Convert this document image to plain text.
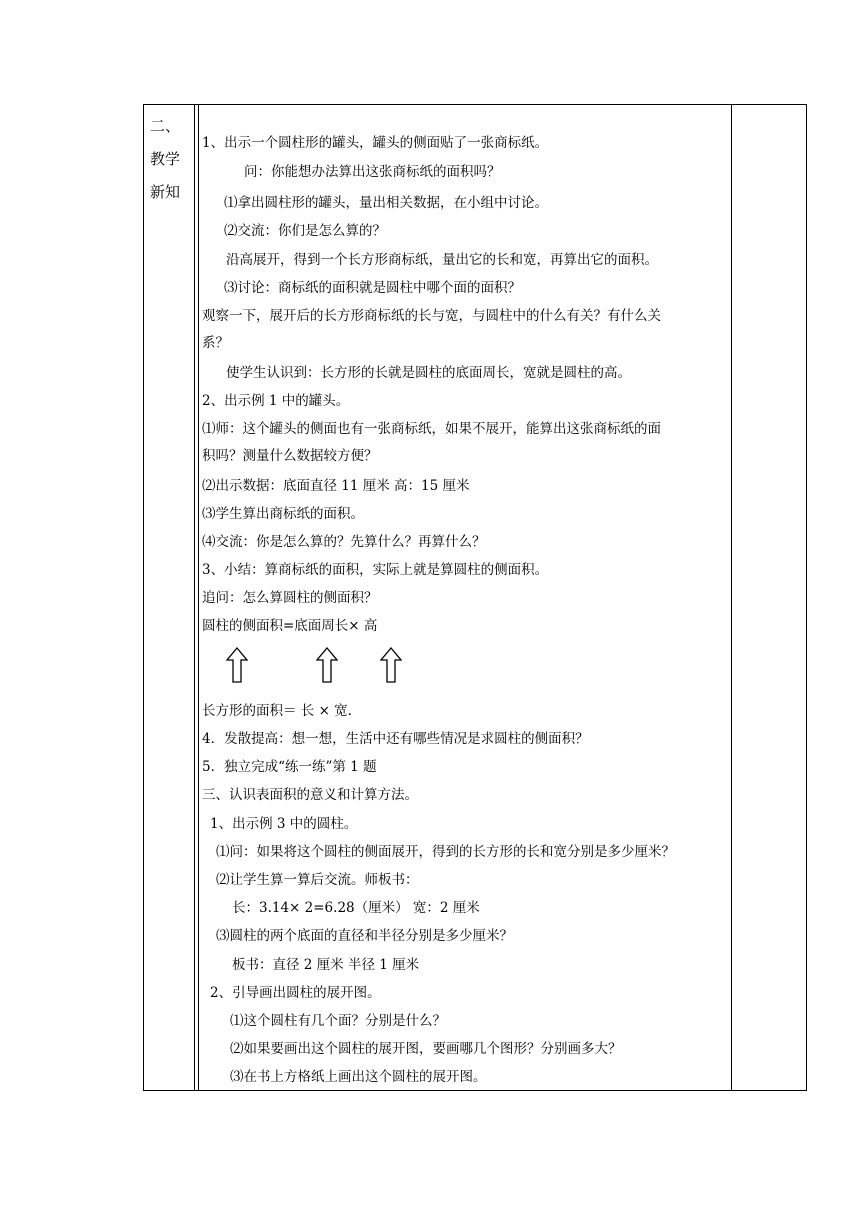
二、
教学
新知
1、出示一个圆柱形的罐头，罐头的侧面贴了一张商标纸。
问：你能想办法算出这张商标纸的面积吗？
⑴拿出圆柱形的罐头，量出相关数据，在小组中讨论。
⑵交流：你们是怎么算的？
沿高展开，得到一个长方形商标纸，量出它的长和宽，再算出它的面积。
⑶讨论：商标纸的面积就是圆柱中哪个面的面积？
观察一下，展开后的长方形商标纸的长与宽，与圆柱中的什么有关？有什么关
系？
使学生认识到：长方形的长就是圆柱的底面周长，宽就是圆柱的高。
2、出示例 1 中的罐头。
⑴师：这个罐头的侧面也有一张商标纸，如果不展开，能算出这张商标纸的面
积吗？测量什么数据较方便？
⑵出示数据：底面直径 11 厘米 高：15 厘米
⑶学生算出商标纸的面积。
⑷交流：你是怎么算的？先算什么？再算什么？
3、小结：算商标纸的面积，实际上就是算圆柱的侧面积。
追问：怎么算圆柱的侧面积？
圆柱的侧面积=底面周长× 高
长方形的面积＝ 长 × 宽.
4．发散提高：想一想，生活中还有哪些情况是求圆柱的侧面积？
5．独立完成“练一练”第 1 题
三、认识表面积的意义和计算方法。
1、出示例 3 中的圆柱。
⑴问：如果将这个圆柱的侧面展开，得到的长方形的长和宽分别是多少厘米？
⑵让学生算一算后交流。师板书：
长：3.14× 2=6.28（厘米） 宽：2 厘米
⑶圆柱的两个底面的直径和半径分别是多少厘米？
板书：直径 2 厘米 半径 1 厘米
2、引导画出圆柱的展开图。
⑴这个圆柱有几个面？分别是什么？
⑵如果要画出这个圆柱的展开图，要画哪几个图形？分别画多大？
⑶在书上方格纸上画出这个圆柱的展开图。
